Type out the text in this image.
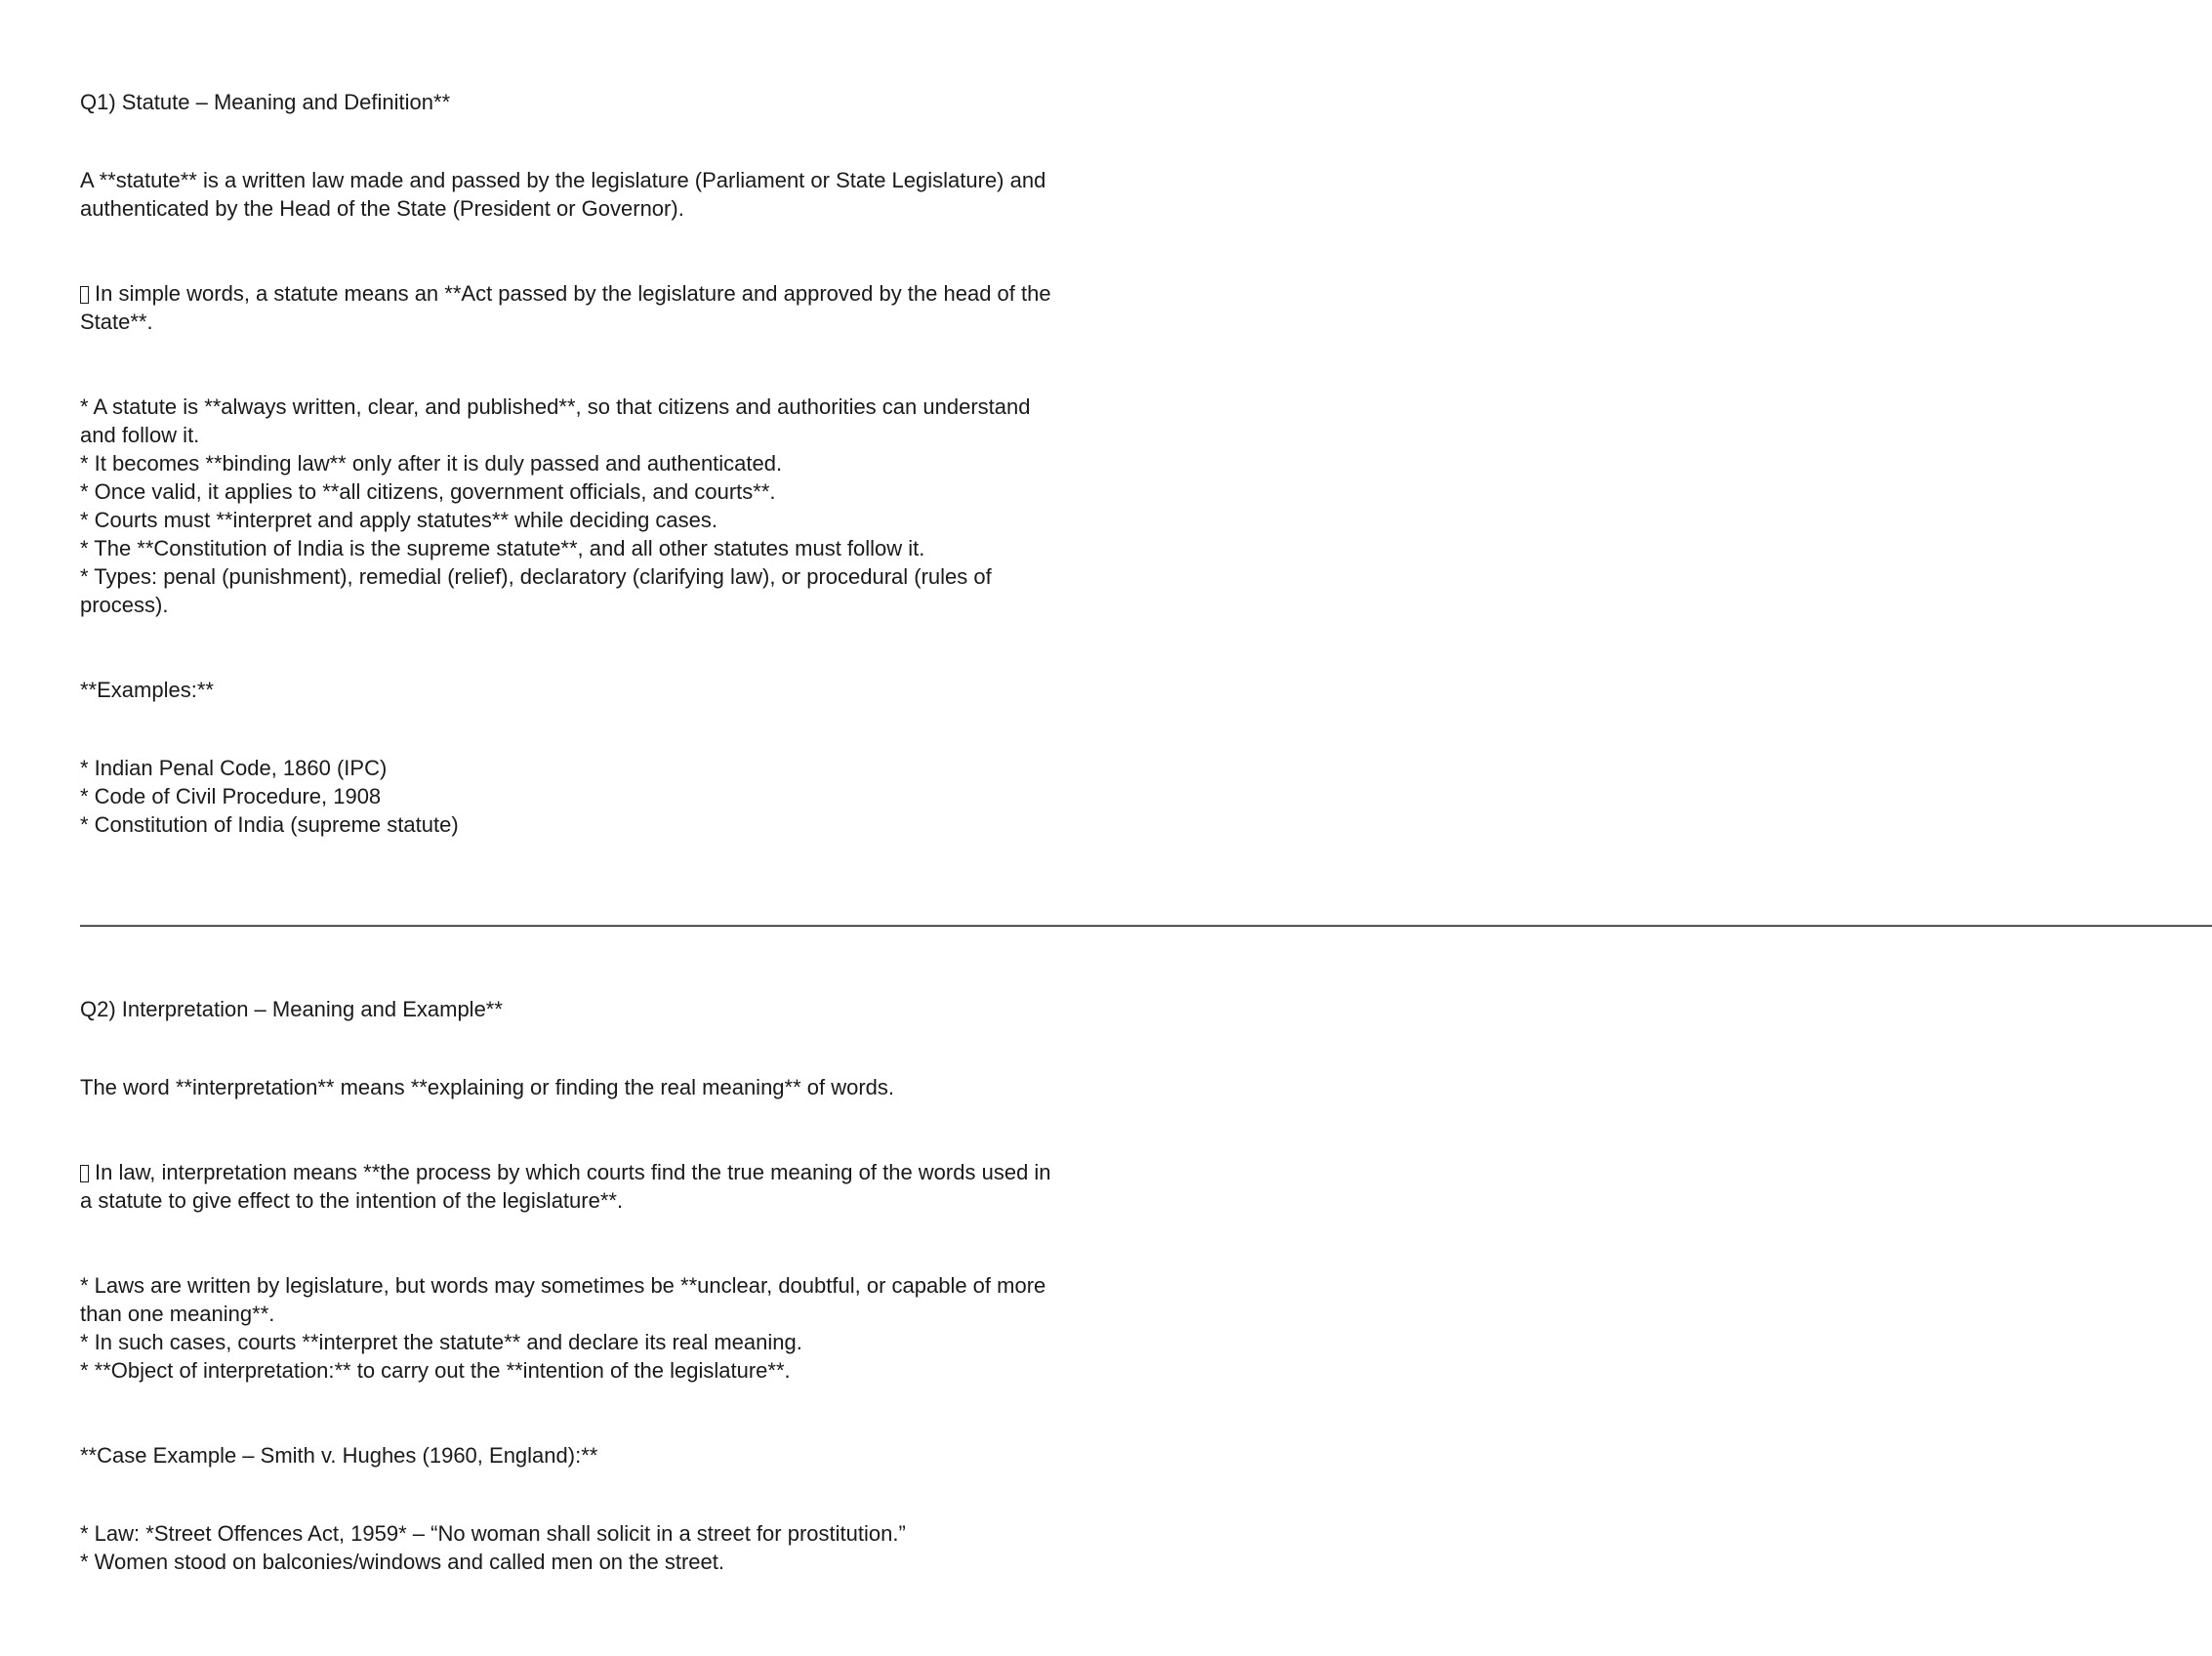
Q1) Statute – Meaning and Definition**
A **statute** is a written law made and passed by the legislature (Parliament or State Legislature) and authenticated by the Head of the State (President or Governor).
In simple words, a statute means an **Act passed by the legislature and approved by the head of the State**.
* A statute is **always written, clear, and published**, so that citizens and authorities can understand and follow it.
* It becomes **binding law** only after it is duly passed and authenticated.
* Once valid, it applies to **all citizens, government officials, and courts**.
* Courts must **interpret and apply statutes** while deciding cases.
* The **Constitution of India is the supreme statute**, and all other statutes must follow it.
* Types: penal (punishment), remedial (relief), declaratory (clarifying law), or procedural (rules of process).
**Examples:**
* Indian Penal Code, 1860 (IPC)
* Code of Civil Procedure, 1908
* Constitution of India (supreme statute)
————————————————————————————————————————————————————————————————————————————————————————————————————————
Q2) Interpretation – Meaning and Example**
The word **interpretation** means **explaining or finding the real meaning** of words.
In law, interpretation means **the process by which courts find the true meaning of the words used in a statute to give effect to the intention of the legislature**.
* Laws are written by legislature, but words may sometimes be **unclear, doubtful, or capable of more than one meaning**.
* In such cases, courts **interpret the statute** and declare its real meaning.
* **Object of interpretation:** to carry out the **intention of the legislature**.
**Case Example – Smith v. Hughes (1960, England):**
* Law: *Street Offences Act, 1959* – “No woman shall solicit in a street for prostitution.”
* Women stood on balconies/windows and called men on the street.
